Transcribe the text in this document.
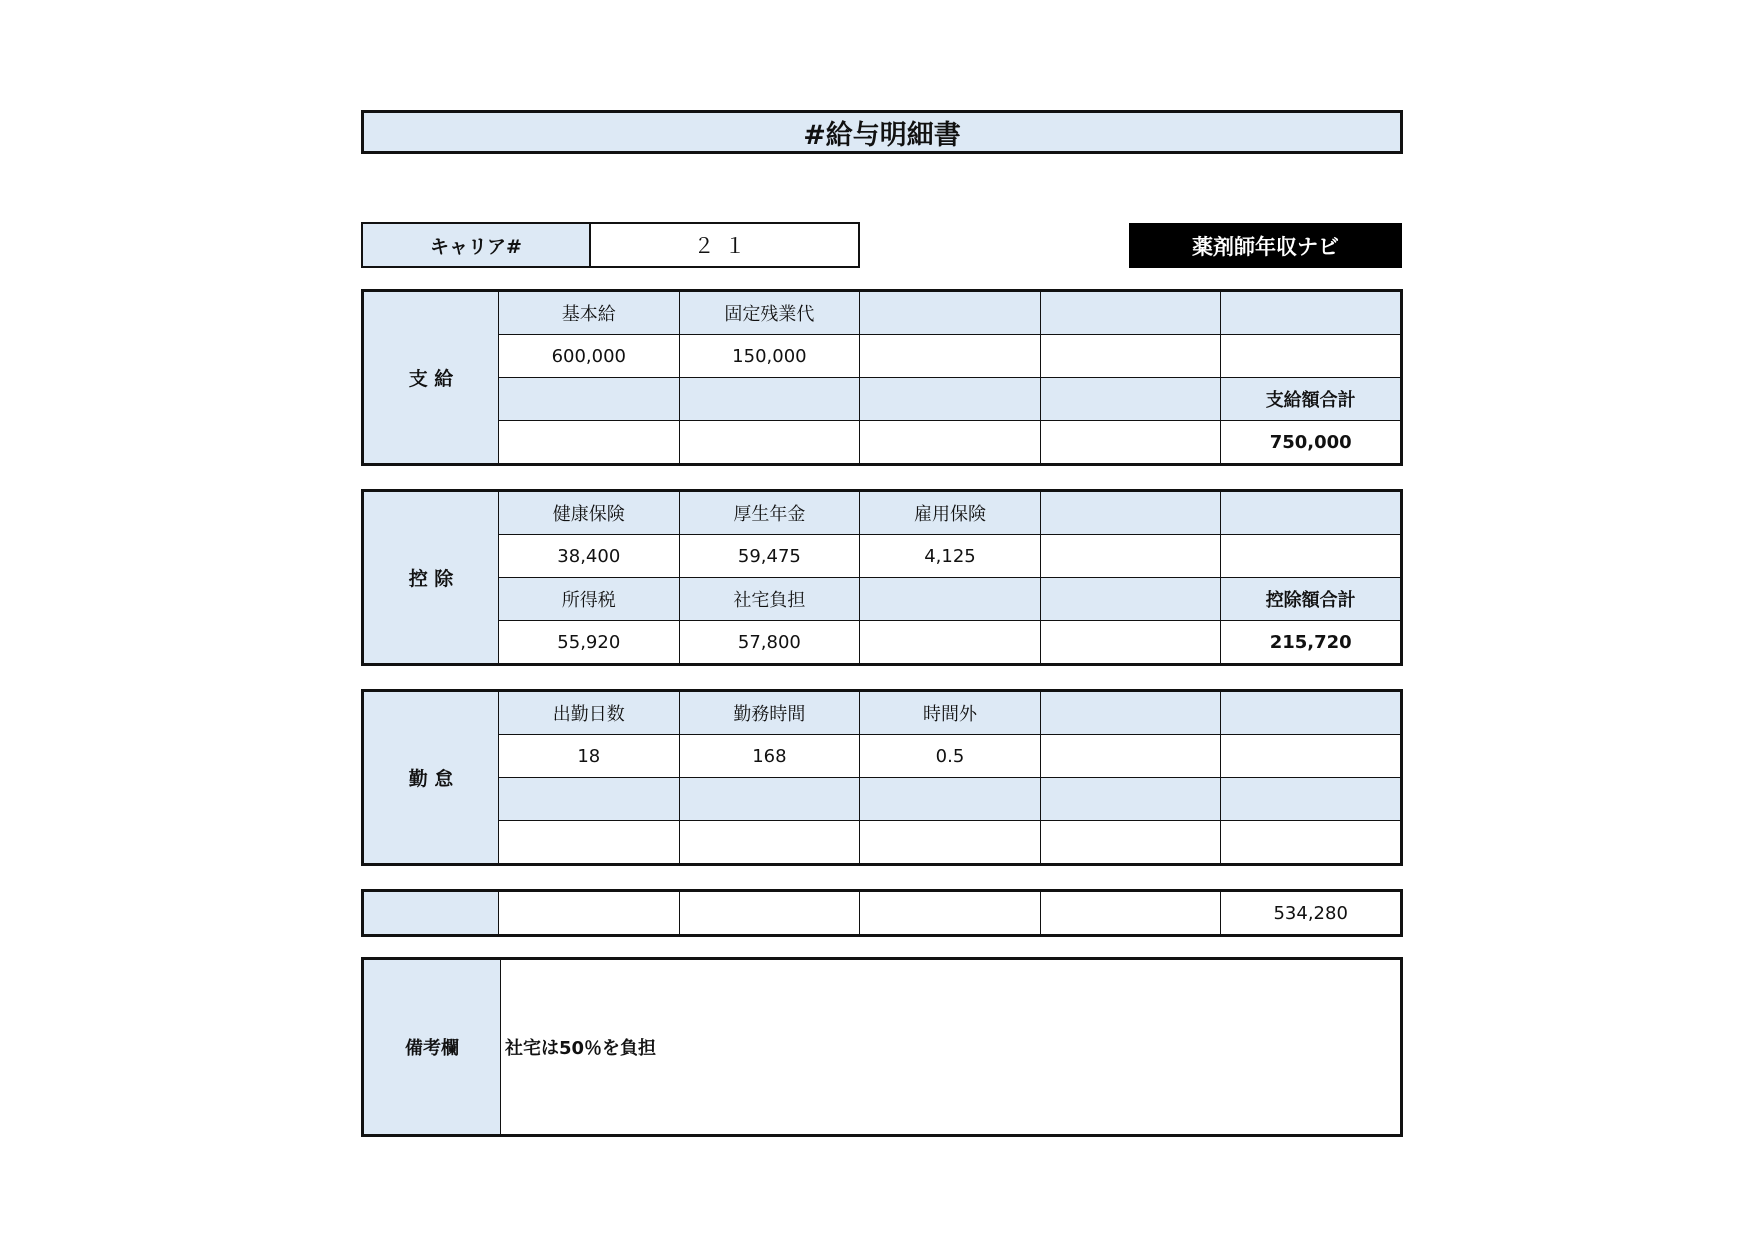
#給与明細書
キャリア#	２１	薬剤師年収ナビ
支 給	基本給	固定残業代			
	600,000	150,000			
					支給額合計
					750,000
控 除	健康保険	厚生年金	雇用保険		
	38,400	59,475	4,125		
	所得税	社宅負担			控除額合計
	55,920	57,800			215,720
勤 怠	出勤日数	勤務時間	時間外		
	18	168	0.5		

					534,280
備考欄	社宅は50％を負担
